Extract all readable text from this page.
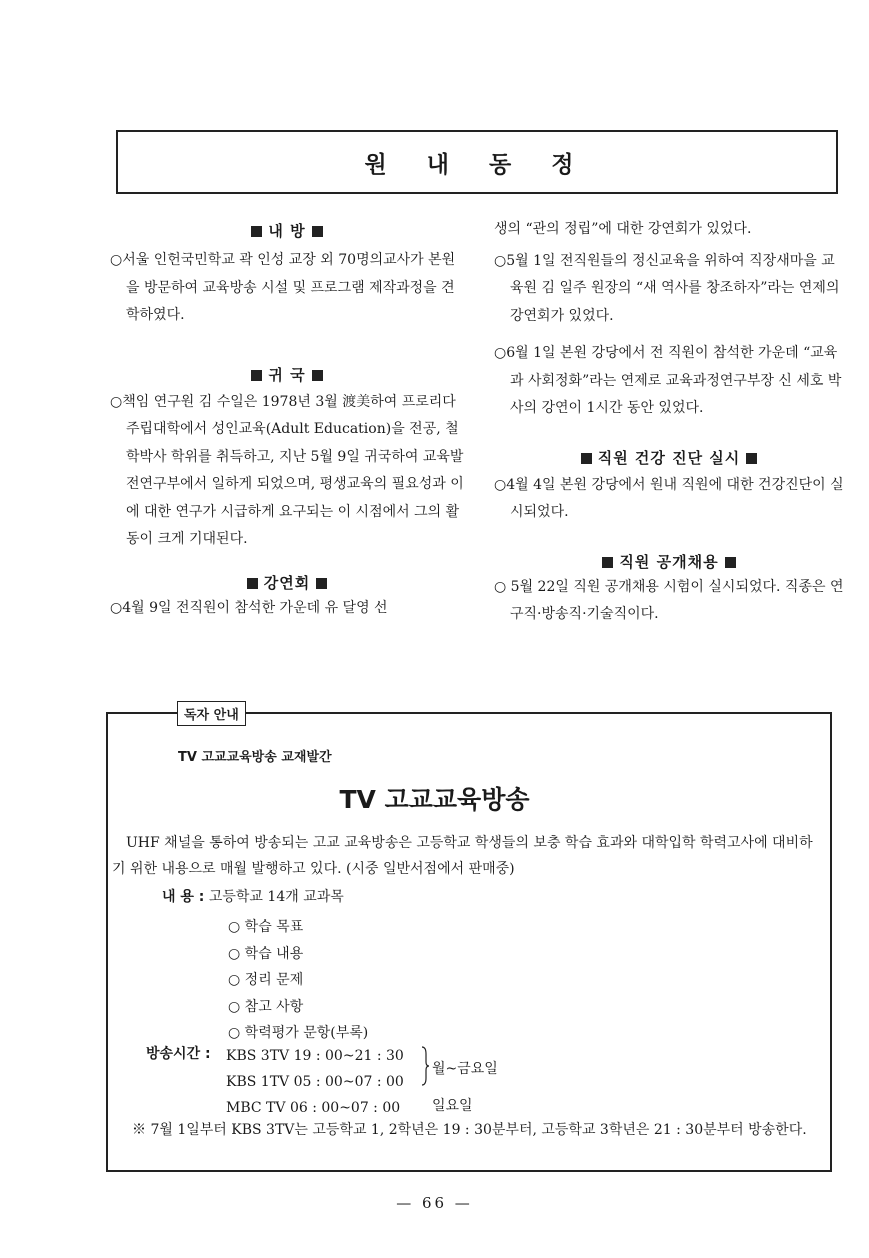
원 내 동 정
내 방
○서울 인헌국민학교 곽 인성 교장 외 70명의교사가 본원을 방문하여 교육방송 시설 및 프로그램 제작과정을 견학하였다.
귀 국
○책임 연구원 김 수일은 1978년 3월 渡美하여 프로리다 주립대학에서 성인교육(Adult Education)을 전공, 철학박사 학위를 취득하고, 지난 5월 9일 귀국하여 교육발전연구부에서 일하게 되었으며, 평생교육의 필요성과 이에 대한 연구가 시급하게 요구되는 이 시점에서 그의 활동이 크게 기대된다.
강연회
○4월 9일 전직원이 참석한 가운데 유 달영 선
생의 “관의 정립”에 대한 강연회가 있었다.
○5월 1일 전직원들의 정신교육을 위하여 직장새마을 교육원 김 일주 원장의 “새 역사를 창조하자”라는 연제의 강연회가 있었다.
○6월 1일 본원 강당에서 전 직원이 참석한 가운데 “교육과 사회정화”라는 연제로 교육과정연구부장 신 세호 박사의 강연이 1시간 동안 있었다.
직원 건강 진단 실시
○4월 4일 본원 강당에서 원내 직원에 대한 건강진단이 실시되었다.
직원 공개채용
○ 5월 22일 직원 공개채용 시험이 실시되었다. 직종은 연구직·방송직·기술직이다.
독자 안내
TV 고교교육방송 교재발간
TV 고교교육방송
UHF 채널을 통하여 방송되는 고교 교육방송은 고등학교 학생들의 보충 학습 효과와 대학입학 학력고사에 대비하기 위한 내용으로 매월 발행하고 있다. (시중 일반서점에서 판매중)
내 용 : 고등학교 14개 교과목
○ 학습 목표
○ 학습 내용
○ 정리 문제
○ 참고 사항
○ 학력평가 문항(부록)
방송시간 : KBS 3TV 19 : 00~21 : 30
KBS 1TV 05 : 00~07 : 00
MBC TV 06 : 00~07 : 00
월~금요일
일요일
※ 7월 1일부터 KBS 3TV는 고등학교 1, 2학년은 19 : 30분부터, 고등학교 3학년은 21 : 30분부터 방송한다.
— 66 —
